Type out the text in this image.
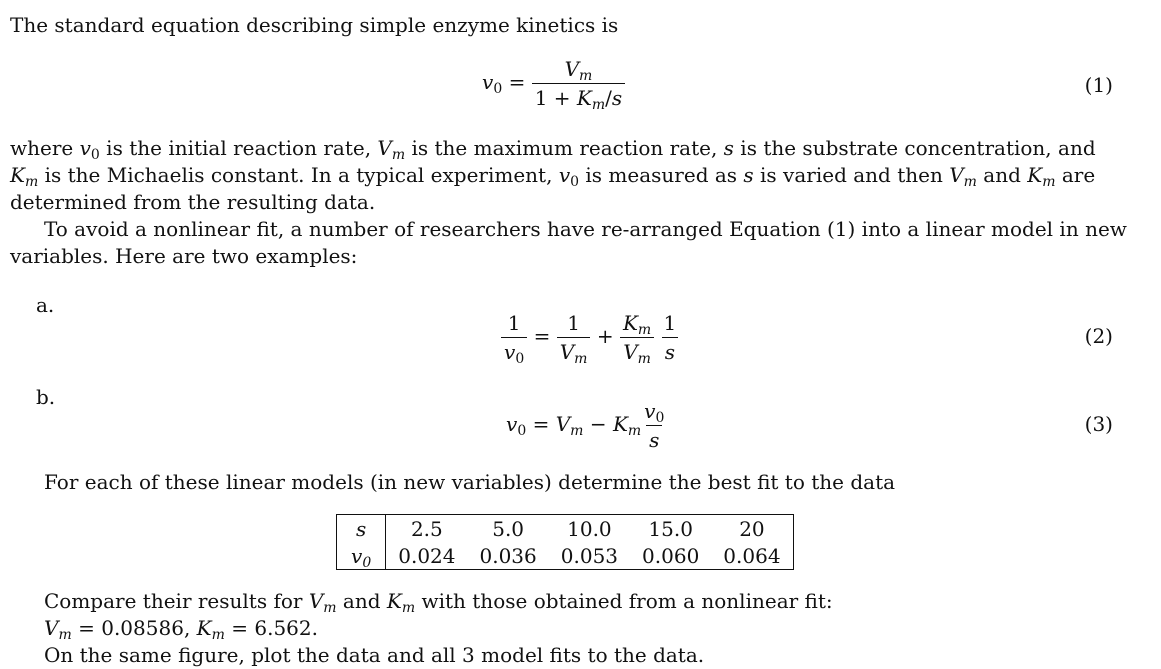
The standard equation describing simple enzyme kinetics is
$v_0 = \frac{V_m}{1 + K_m/s}$	(1)
where $v_0$ is the initial reaction rate, $V_m$ is the maximum reaction rate, s is the substrate concentration, and
$K_m$ is the Michaelis constant. In a typical experiment, $v_0$ is measured as s is varied and then $V_m$ and $K_m$ are
determined from the resulting data.
To avoid a nonlinear fit, a number of researchers have re-arranged Equation (1) into a linear model in new
variables. Here are two examples:
a.
$\frac{1}{v_0} = \frac{1}{V_m} + \frac{K_m}{V_m}$
$\frac{1}{s}$	(2)
b.
$v_0 = V_m - K_m \frac{v_0}{s}$	(3)
For each of these linear models (in new variables) determine the best fit to the data
s	2.5	5.0	10.0	15.0	20
$v_0$	0.024	0.036	0.053	0.060	0.064
Compare their results for $V_m$ and $K_m$ with those obtained from a nonlinear fit:
$V_m = 0.08586$, $K_m = 6.562$.
On the same figure, plot the data and all 3 model fits to the data.
